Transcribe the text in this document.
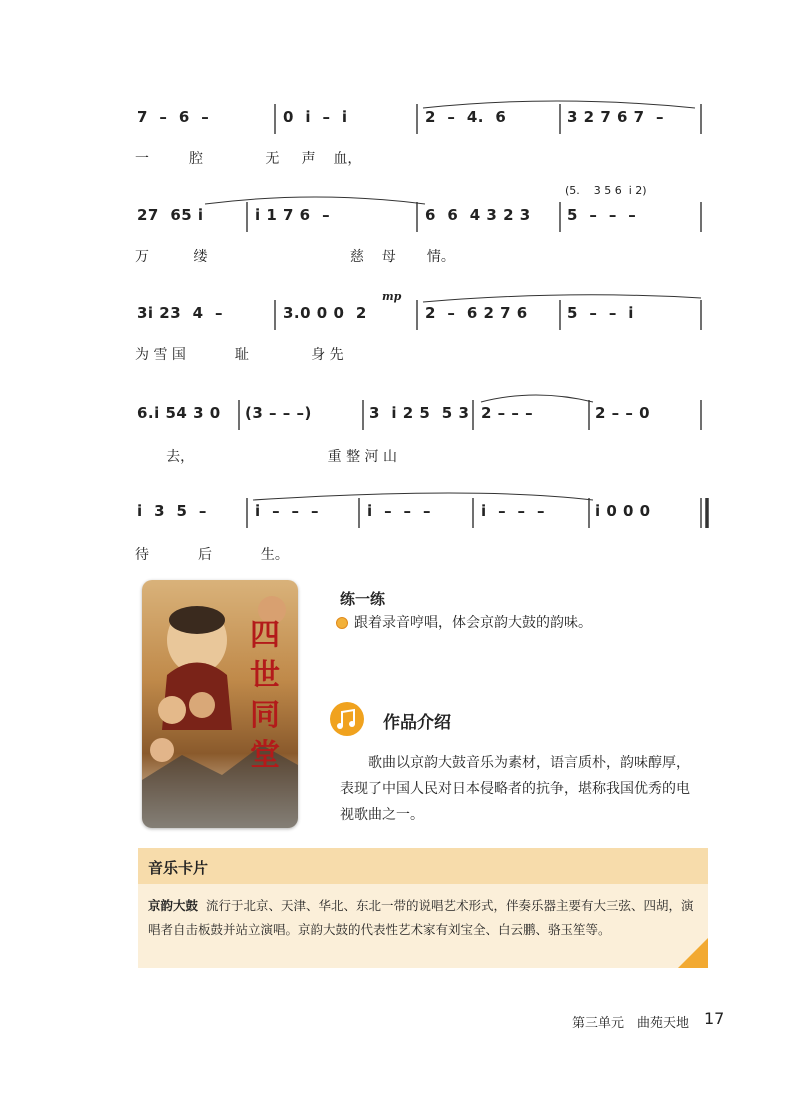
7  –  6  –	0  i̇  –  i̇	2  –  4.  6	3 2 7 6 7  –
一         腔              无     声    血，
(5.    3 5 6  i̇ 2)
27  65 i̇	i̇ 1 7 6  –	6  6  4 3 2 3 5  –  –  –
万          缕                                慈    母       情。
mp
3i 23  4  –	3.0 0 0  2	2  –  6 2 7 6	5  –  –  i̇
为 雪 国           耻              身 先
6.i 54 3 0 (3 – – –)	3  i̇ 2 5  5 3 2 – – –	2 – – 0
去，                              重 整 河 山
i̇  3  5  –	i̇  –  –  –	i̇  –  –  –	i̇  –  –  –	i̇ 0 0 0
待           后           生。
四世同堂
练一练
跟着录音哼唱，体会京韵大鼓的韵味。
作品介绍
歌曲以京韵大鼓音乐为素材，语言质朴，韵味醇厚，表现了中国人民对日本侵略者的抗争，堪称我国优秀的电视歌曲之一。
音乐卡片
京韵大鼓 流行于北京、天津、华北、东北一带的说唱艺术形式，伴奏乐器主要有大三弦、四胡，演唱者自击板鼓并站立演唱。京韵大鼓的代表性艺术家有刘宝全、白云鹏、骆玉笙等。
第三单元　曲苑天地 17
